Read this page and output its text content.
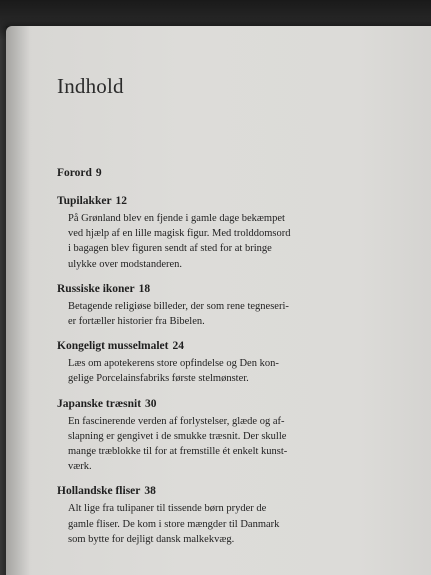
Indhold

Forord 9

Tupilakker 12

På Grønland blev en fjende i gamle dage bekæmpet
ved hjælp af en lille magisk figur. Med trolddomsord
i bagagen blev figuren sendt af sted for at bringe
ulykke over modstanderen.

Russiske ikoner 18

Betagende religiøse billeder, der som rene tegneseri-
er fortæller historier fra Bibelen.

Kongeligt musselmalet 24

Læs om apotekerens store opfindelse og Den kon-
gelige Porcelainsfabriks første stelmønster.

Japanske træsnit 30

En fascinerende verden af forlystelser, glæde og af-
slapning er gengivet i de smukke træsnit. Der skulle
mange træblokke til for at fremstille ét enkelt kunst-
værk.

Hollandske fliser 38

Alt lige fra tulipaner til tissende børn pryder de
gamle fliser. De kom i store mængder til Danmark
som bytte for dejligt dansk malkekvæg.
